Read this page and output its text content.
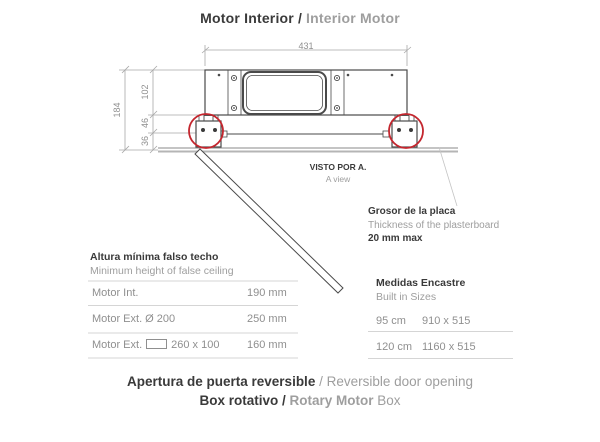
Motor Interior / Interior Motor
431
184
102
46
36
VISTO POR A.
A view
Grosor de la placa
Thickness of the plasterboard
20 mm max
Altura mínima falso techo
Minimum height of false ceiling
Motor Int.	190 mm
Motor Ext. Ø 200	250 mm
Motor Ext.	260 x 100	160 mm
Medidas Encastre
Built in Sizes
95 cm 910 x 515
120 cm 1160 x 515
Apertura de puerta reversible / Reversible door opening
Box rotativo / Rotary Motor Box
